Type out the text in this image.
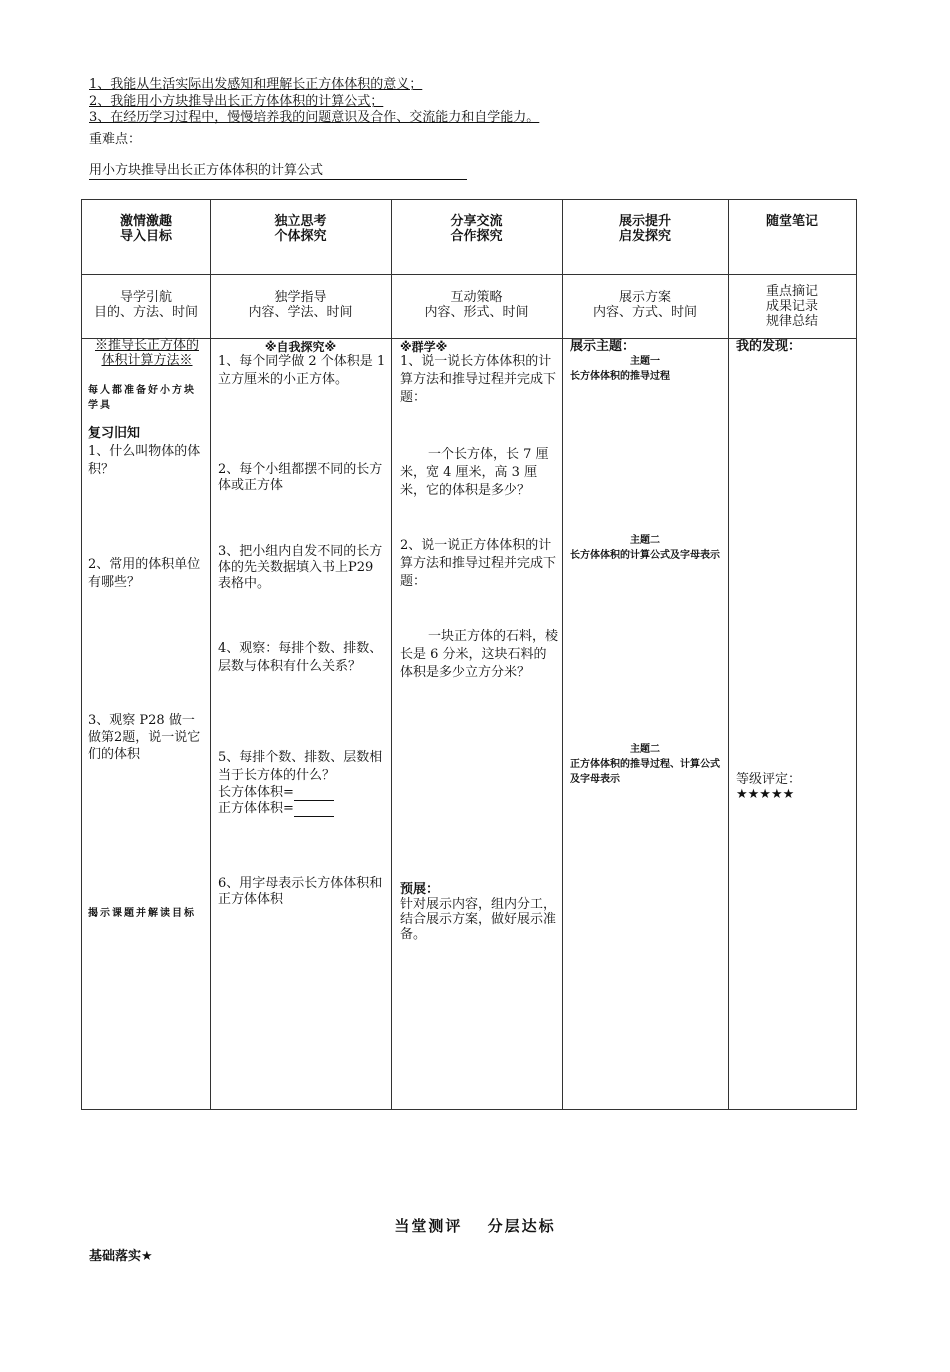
1、我能从生活实际出发感知和理解长正方体体积的意义；
2、我能用小方块推导出长正方体体积的计算公式；
3、在经历学习过程中，慢慢培养我的问题意识及合作、交流能力和自学能力。
重难点：
用小方块推导出长正方体体积的计算公式
激情激趣
导入目标
独立思考
个体探究
分享交流
合作探究
展示提升
启发探究
随堂笔记
导学引航
目的、方法、时间
独学指导
内容、学法、时间
互动策略
内容、形式、时间
展示方案
内容、方式、时间
重点摘记
成果记录
规律总结
※推导长正方体的体积计算方法※
每人都准备好小方块学具
复习旧知
1、什么叫物体的体积？
2、常用的体积单位有哪些？
3、观察 P28 做一做第2题，说一说它们的体积
揭示课题并解读目标
※自我探究※
1、每个同学做 2 个体积是 1 立方厘米的小正方体。
2、每个小组都摆不同的长方体或正方体
3、把小组内自发不同的长方体的先关数据填入书上P29 表格中。
4、观察：每排个数、排数、层数与体积有什么关系？
5、每排个数、排数、层数相当于长方体的什么？
长方体体积=
正方体体积=
6、用字母表示长方体体积和正方体体积
※群学※
1、说一说长方体体积的计算方法和推导过程并完成下题：
一个长方体，长 7 厘米，宽 4 厘米，高 3 厘米，它的体积是多少？
2、说一说正方体体积的计算方法和推导过程并完成下题：
一块正方体的石料，棱长是 6 分米，这块石料的体积是多少立方分米？
预展：
针对展示内容，组内分工，结合展示方案，做好展示准备。
展示主题：
主题一
长方体体积的推导过程
主题二
长方体体积的计算公式及字母表示
主题二
正方体体积的推导过程、计算公式及字母表示
我的发现：
等级评定：
★★★★★
当堂测评 分层达标
基础落实★
